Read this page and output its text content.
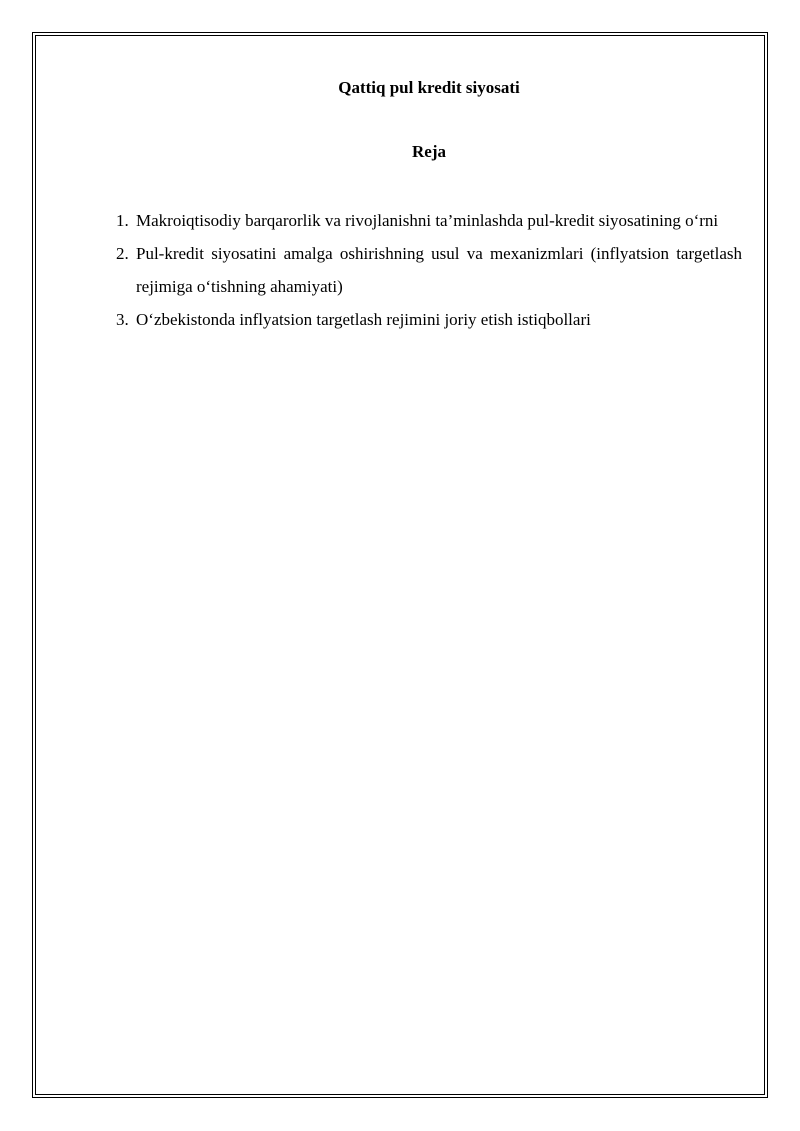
Qattiq pul kredit siyosati
Reja
1. Makroiqtisodiy barqarorlik va rivojlanishni ta’minlashda pul-kredit siyosatining o‘rni
2. Pul-kredit siyosatini amalga oshirishning usul va mexanizmlari (inflyatsion targetlash rejimiga o‘tishning ahamiyati)
3. O‘zbekistonda inflyatsion targetlash rejimini joriy etish istiqbollari
